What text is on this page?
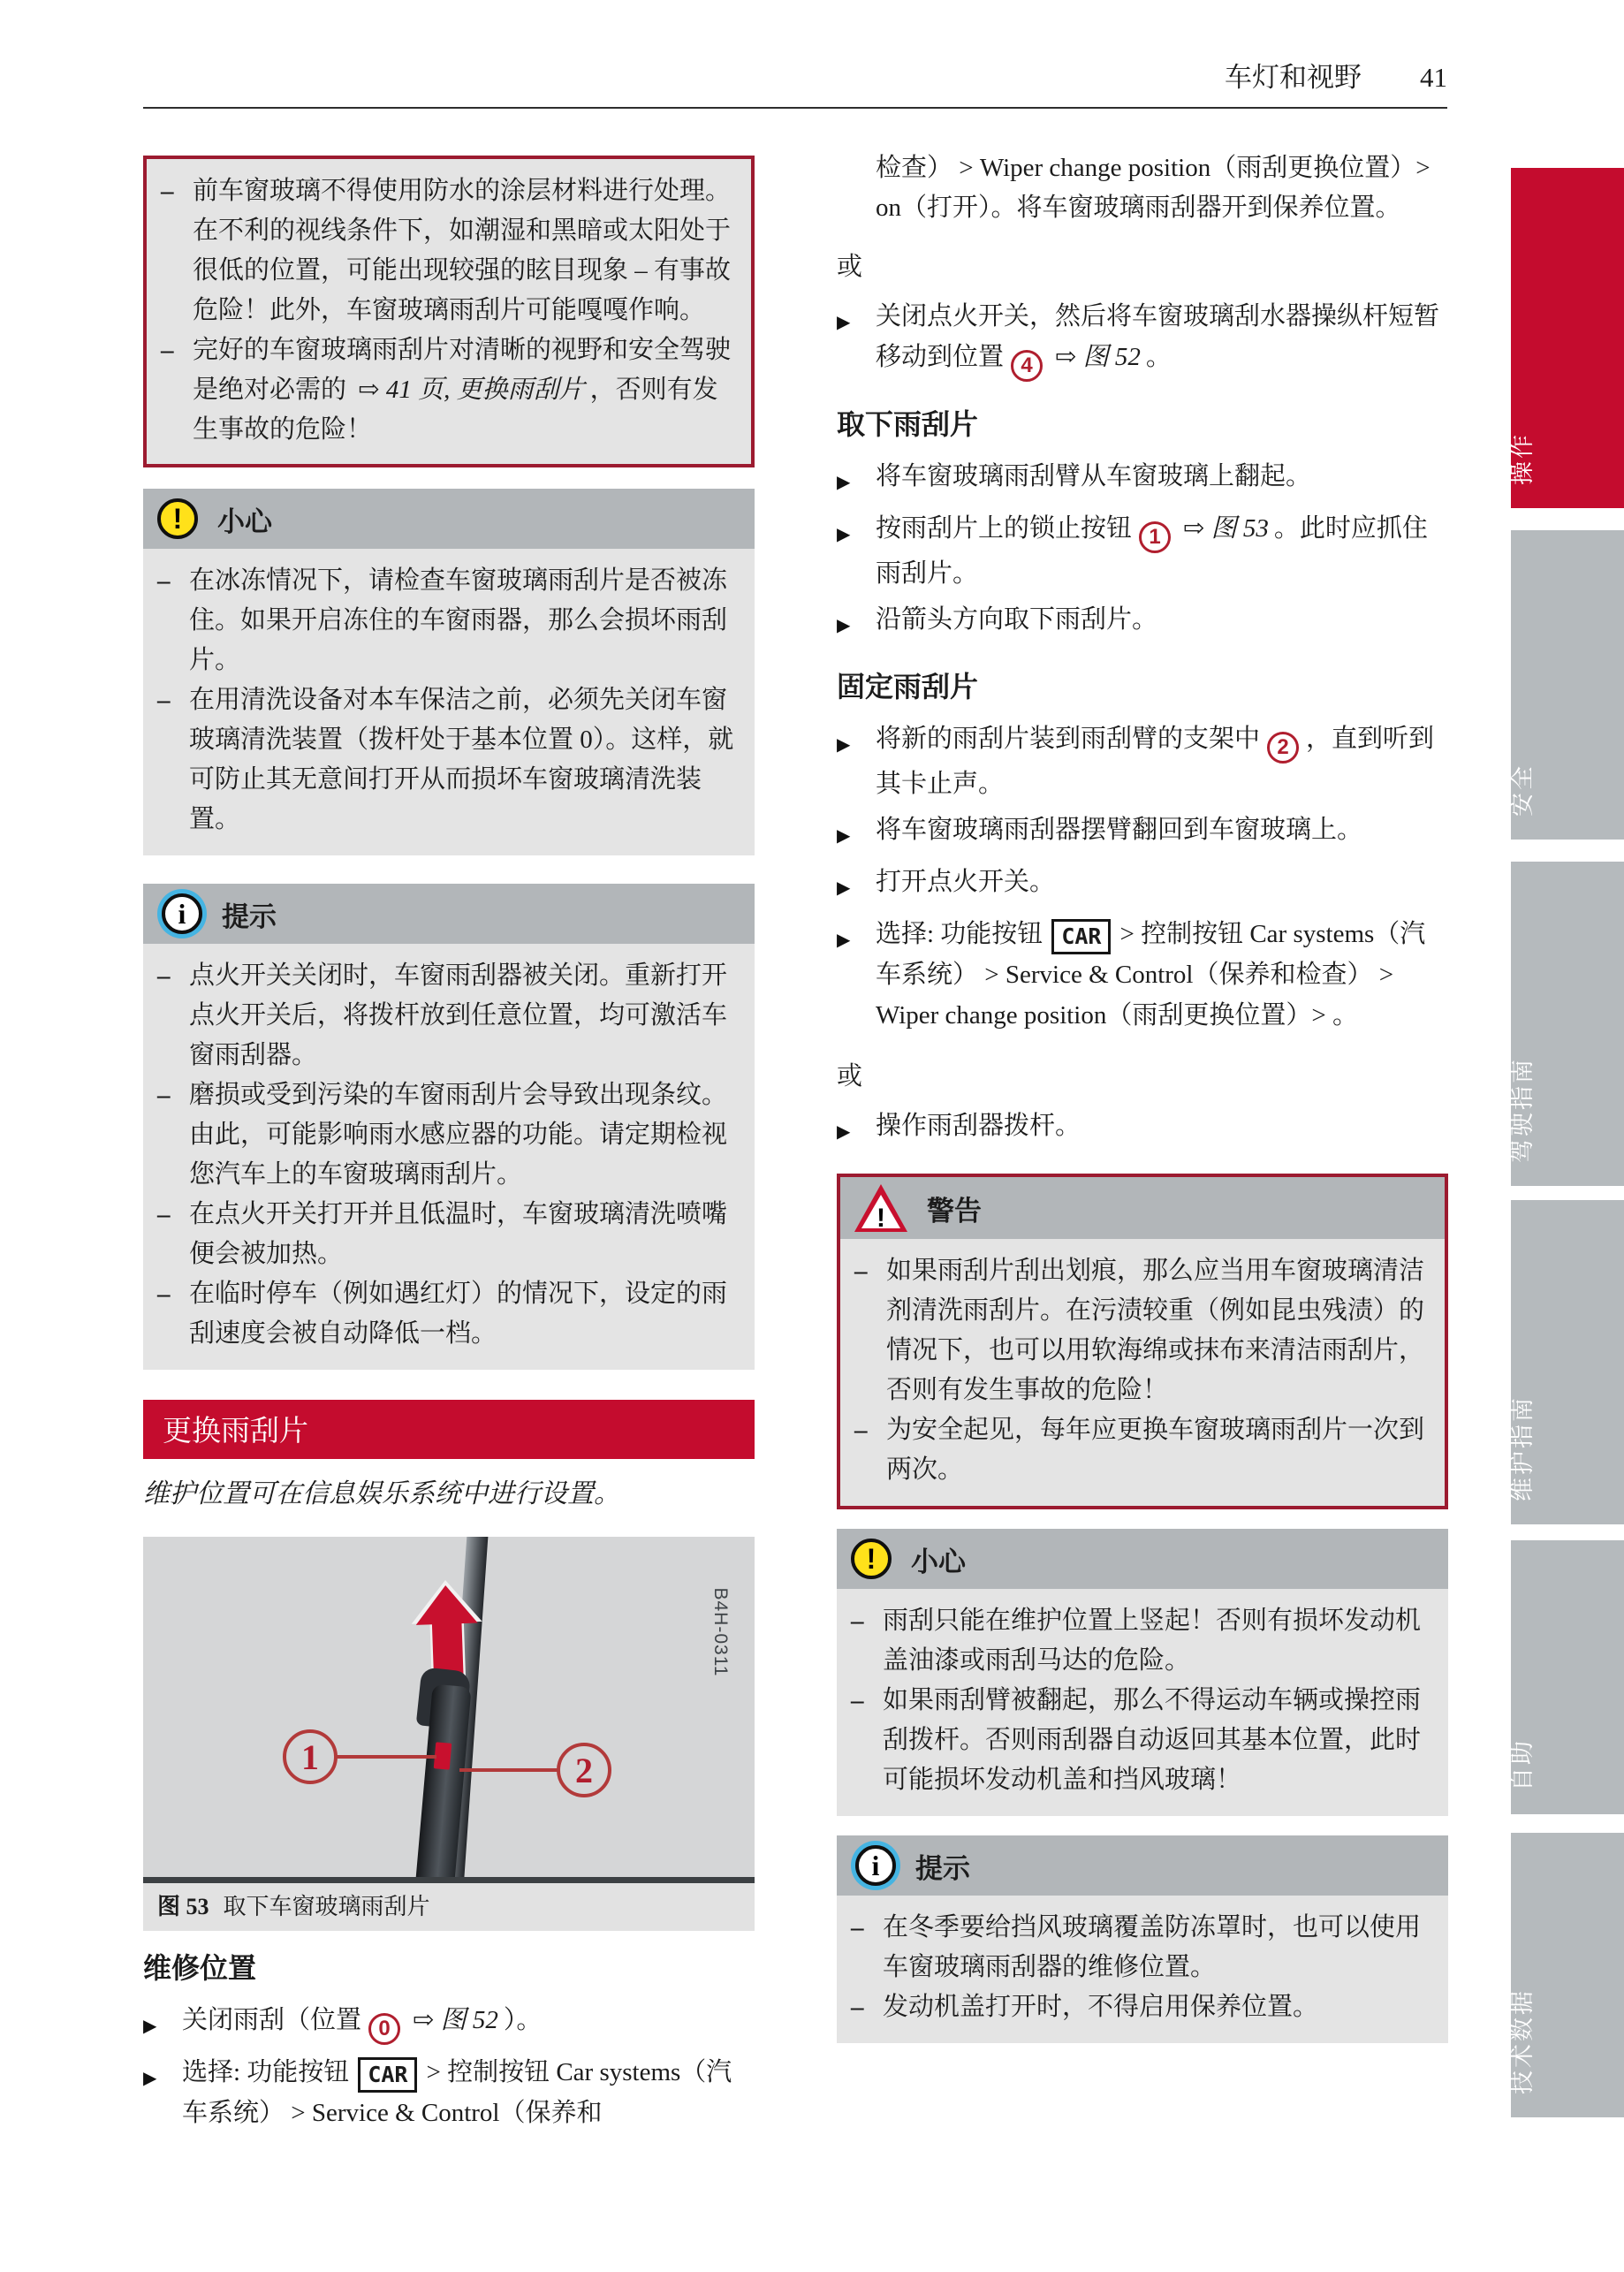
车灯和视野 41
– 前车窗玻璃不得使用防水的涂层材料进行处理。在不利的视线条件下，如潮湿和黑暗或太阳处于很低的位置，可能出现较强的眩目现象 – 有事故危险！此外，车窗玻璃雨刮片可能嘎嘎作响。

– 完好的车窗玻璃雨刮片对清晰的视野和安全驾驶是绝对必需的 ⇨ 41 页, 更换雨刮片 ，否则有发生事故的危险！

!	小心
– 在冰冻情况下，请检查车窗玻璃雨刮片是否被冻住。如果开启冻住的车窗雨器，那么会损坏雨刮片。

– 在用清洗设备对本车保洁之前，必须先关闭车窗玻璃清洗装置（拨杆处于基本位置 0）。这样，就可防止其无意间打开从而损坏车窗玻璃清洗装置。

i	提示
– 点火开关关闭时，车窗雨刮器被关闭。重新打开点火开关后，将拨杆放到任意位置，均可激活车窗雨刮器。

– 磨损或受到污染的车窗雨刮片会导致出现条纹。由此，可能影响雨水感应器的功能。请定期检视您汽车上的车窗玻璃雨刮片。

– 在点火开关打开并且低温时，车窗玻璃清洗喷嘴便会被加热。

– 在临时停车（例如遇红灯）的情况下，设定的雨刮速度会被自动降低一档。

更换雨刮片

维护位置可在信息娱乐系统中进行设置。

1	2
B4H-0311
图 53 取下车窗玻璃雨刮片
维修位置
▶ 关闭雨刮（位置 0 ⇨ 图 52 ）。

▶ 选择: 功能按钮 CAR > 控制按钮 Car systems（汽车系统） > Service & Control（保养和

检查） > Wiper change position（雨刮更换位置）> on（打开）。将车窗玻璃雨刮器开到保养位置。

或

▶ 关闭点火开关，然后将车窗玻璃刮水器操纵杆短暂移动到位置 4 ⇨ 图 52 。

取下雨刮片
▶ 将车窗玻璃雨刮臂从车窗玻璃上翻起。

▶ 按雨刮片上的锁止按钮 1 ⇨ 图 53 。此时应抓住雨刮片。

▶ 沿箭头方向取下雨刮片。

固定雨刮片
▶ 将新的雨刮片装到雨刮臂的支架中 2 ，直到听到其卡止声。

▶ 将车窗玻璃雨刮器摆臂翻回到车窗玻璃上。

▶ 打开点火开关。

▶ 选择: 功能按钮 CAR > 控制按钮 Car systems（汽车系统） > Service & Control（保养和检查） > Wiper change position（雨刮更换位置）> 。

或

▶ 操作雨刮器拨杆。

!	警告
– 如果雨刮片刮出划痕，那么应当用车窗玻璃清洁剂清洗雨刮片。在污渍较重（例如昆虫残渍）的情况下，也可以用软海绵或抹布来清洁雨刮片，否则有发生事故的危险！

– 为安全起见，每年应更换车窗玻璃雨刮片一次到两次。

!	小心
– 雨刮只能在维护位置上竖起！否则有损坏发动机盖油漆或雨刮马达的危险。

– 如果雨刮臂被翻起，那么不得运动车辆或操控雨刮拨杆。否则雨刮器自动返回其基本位置，此时可能损坏发动机盖和挡风玻璃！

i	提示
– 在冬季要给挡风玻璃覆盖防冻罩时，也可以使用车窗玻璃雨刮器的维修位置。

– 发动机盖打开时，不得启用保养位置。

操作
安全
驾驶指南
维护指南
自助
技术数据
